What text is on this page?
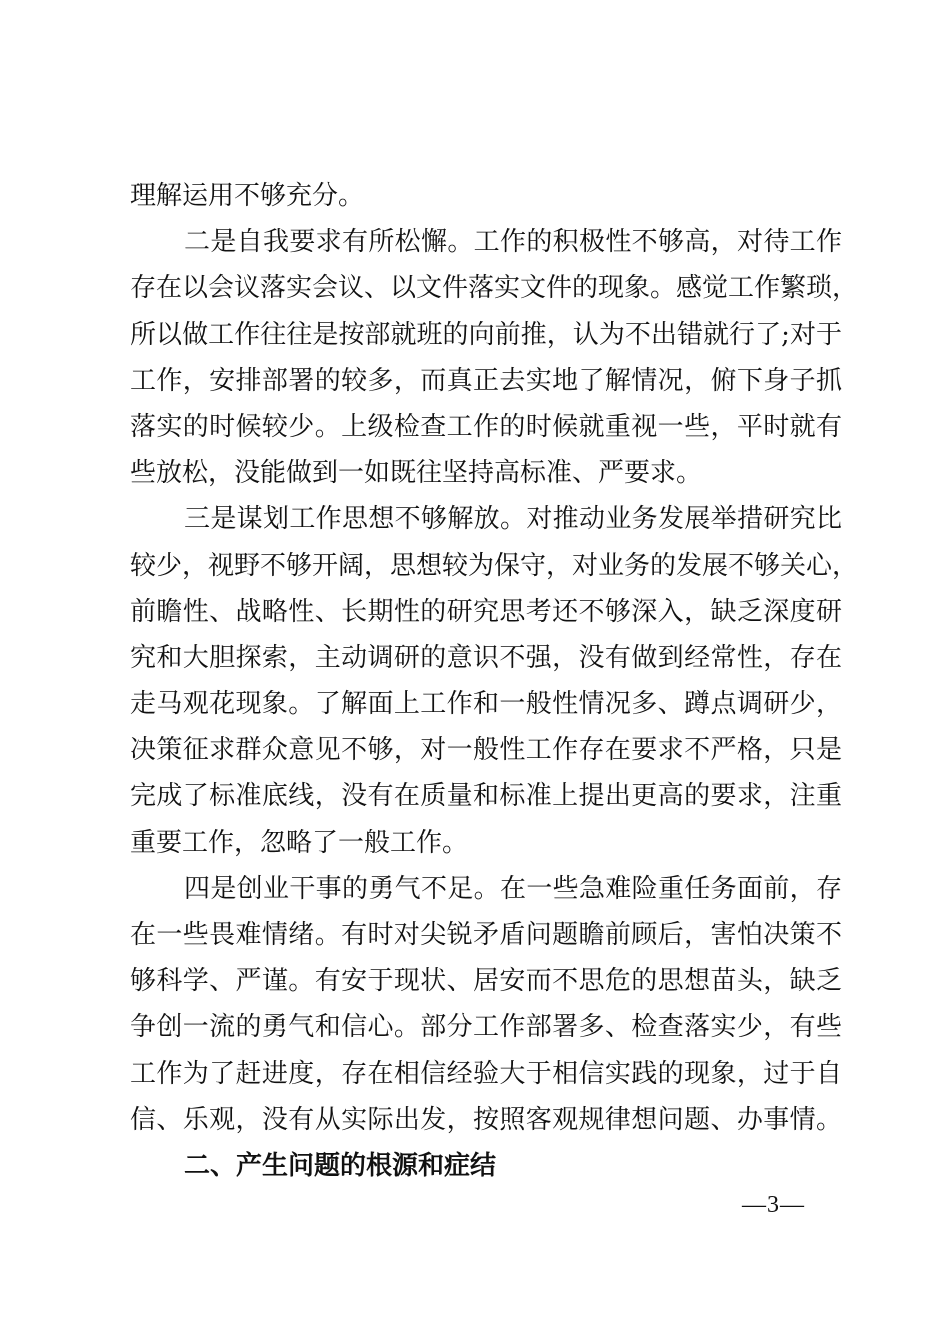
理解运用不够充分。
二是自我要求有所松懈。工作的积极性不够高，对待工作
存在以会议落实会议、以文件落实文件的现象。感觉工作繁琐，
所以做工作往往是按部就班的向前推，认为不出错就行了;对于
工作，安排部署的较多，而真正去实地了解情况，俯下身子抓
落实的时候较少。上级检查工作的时候就重视一些，平时就有
些放松，没能做到一如既往坚持高标准、严要求。
三是谋划工作思想不够解放。对推动业务发展举措研究比
较少，视野不够开阔，思想较为保守，对业务的发展不够关心，
前瞻性、战略性、长期性的研究思考还不够深入，缺乏深度研
究和大胆探索，主动调研的意识不强，没有做到经常性，存在
走马观花现象。了解面上工作和一般性情况多、蹲点调研少，
决策征求群众意见不够，对一般性工作存在要求不严格，只是
完成了标准底线，没有在质量和标准上提出更高的要求，注重
重要工作，忽略了一般工作。
四是创业干事的勇气不足。在一些急难险重任务面前，存
在一些畏难情绪。有时对尖锐矛盾问题瞻前顾后，害怕决策不
够科学、严谨。有安于现状、居安而不思危的思想苗头，缺乏
争创一流的勇气和信心。部分工作部署多、检查落实少，有些
工作为了赶进度，存在相信经验大于相信实践的现象，过于自
信、乐观，没有从实际出发，按照客观规律想问题、办事情。
二、产生问题的根源和症结
—3—
